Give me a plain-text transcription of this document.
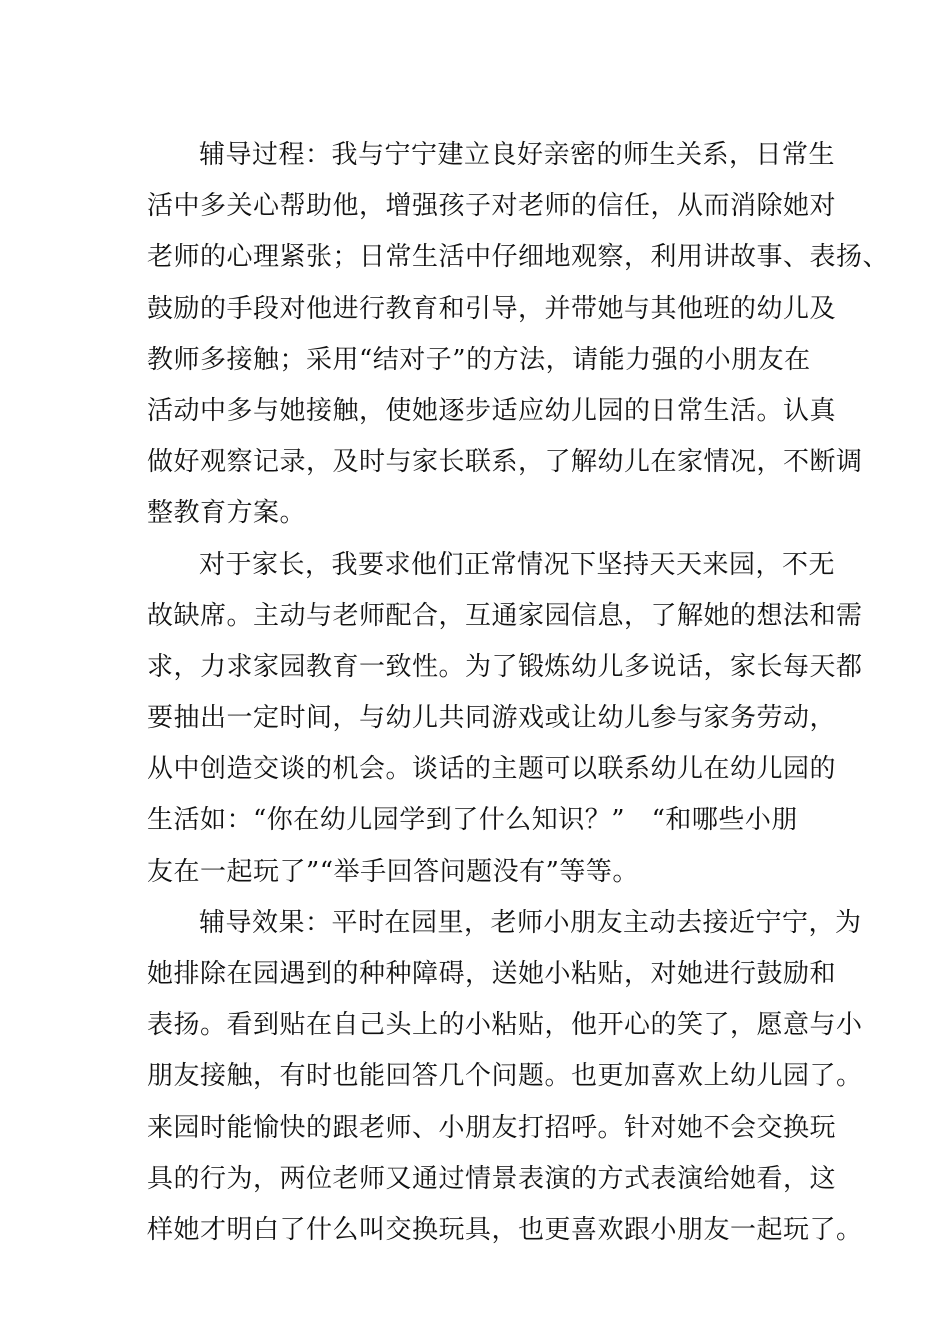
辅导过程：我与宁宁建立良好亲密的师生关系，日常生
活中多关心帮助他，增强孩子对老师的信任，从而消除她对
老师的心理紧张；日常生活中仔细地观察，利用讲故事、表扬、
鼓励的手段对他进行教育和引导，并带她与其他班的幼儿及
教师多接触；采用“结对子”的方法，请能力强的小朋友在
活动中多与她接触，使她逐步适应幼儿园的日常生活。认真
做好观察记录，及时与家长联系，了解幼儿在家情况，不断调
整教育方案。
对于家长，我要求他们正常情况下坚持天天来园，不无
故缺席。主动与老师配合，互通家园信息，了解她的想法和需
求，力求家园教育一致性。为了锻炼幼儿多说话，家长每天都
要抽出一定时间，与幼儿共同游戏或让幼儿参与家务劳动，
从中创造交谈的机会。谈话的主题可以联系幼儿在幼儿园的
生活如：“你在幼儿园学到了什么知识？”　“和哪些小朋
友在一起玩了”“举手回答问题没有”等等。
辅导效果：平时在园里，老师小朋友主动去接近宁宁，为
她排除在园遇到的种种障碍，送她小粘贴，对她进行鼓励和
表扬。看到贴在自己头上的小粘贴，他开心的笑了，愿意与小
朋友接触，有时也能回答几个问题。也更加喜欢上幼儿园了。
来园时能愉快的跟老师、小朋友打招呼。针对她不会交换玩
具的行为，两位老师又通过情景表演的方式表演给她看，这
样她才明白了什么叫交换玩具，也更喜欢跟小朋友一起玩了。
